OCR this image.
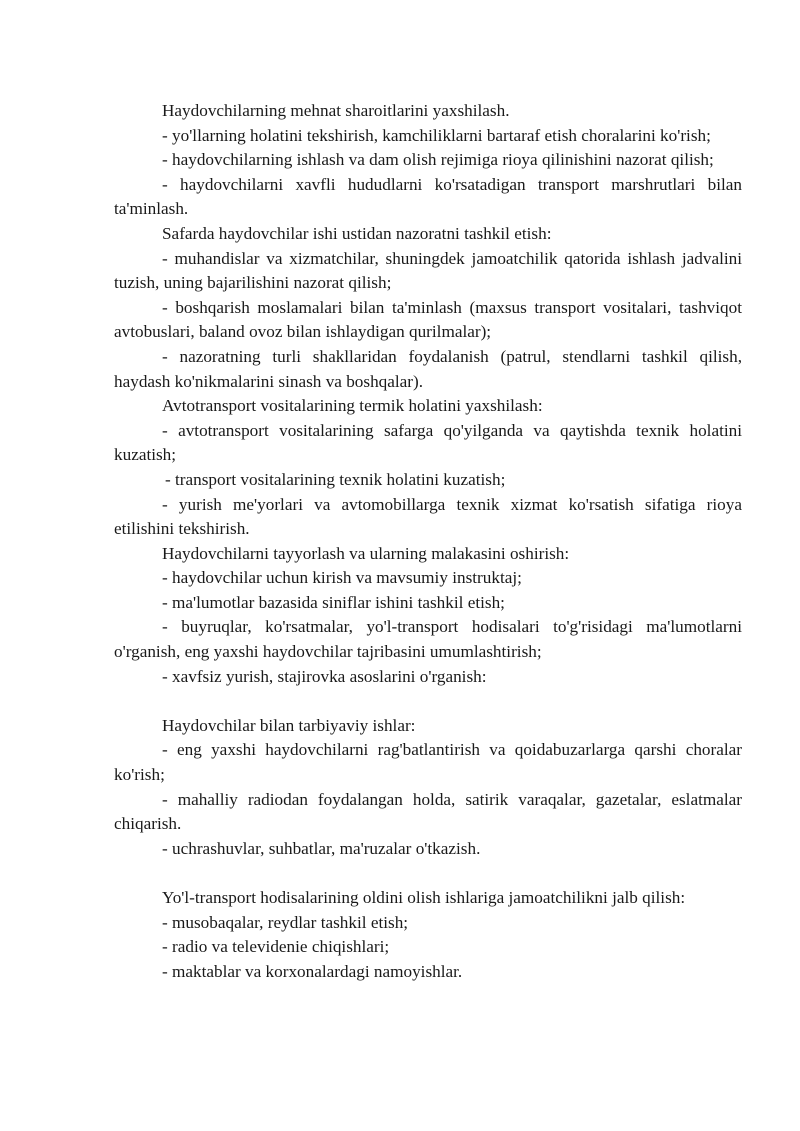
Haydovchilarning mehnat sharoitlarini yaxshilash.

- yo'llarning holatini tekshirish, kamchiliklarni bartaraf etish choralarini ko'rish;

- haydovchilarning ishlash va dam olish rejimiga rioya qilinishini nazorat qilish;

- haydovchilarni xavfli hududlarni ko'rsatadigan transport marshrutlari bilan ta'minlash.

Safarda haydovchilar ishi ustidan nazoratni tashkil etish:

- muhandislar va xizmatchilar, shuningdek jamoatchilik qatorida ishlash jadvalini tuzish, uning bajarilishini nazorat qilish;

- boshqarish moslamalari bilan ta'minlash (maxsus transport vositalari, tashviqot avtobuslari, baland ovoz bilan ishlaydigan qurilmalar);

- nazoratning turli shakllaridan foydalanish (patrul, stendlarni tashkil qilish, haydash ko'nikmalarini sinash va boshqalar).

Avtotransport vositalarining termik holatini yaxshilash:

- avtotransport vositalarining safarga qo'yilganda va qaytishda texnik holatini kuzatish;

- transport vositalarining texnik holatini kuzatish;

- yurish me'yorlari va avtomobillarga texnik xizmat ko'rsatish sifatiga rioya etilishini tekshirish.

Haydovchilarni tayyorlash va ularning malakasini oshirish:

- haydovchilar uchun kirish va mavsumiy instruktaj;

- ma'lumotlar bazasida siniflar ishini tashkil etish;

- buyruqlar, ko'rsatmalar, yo'l-transport hodisalari to'g'risidagi ma'lumotlarni o'rganish, eng yaxshi haydovchilar tajribasini umumlashtirish;

- xavfsiz yurish, stajirovka asoslarini o'rganish:

Haydovchilar bilan tarbiyaviy ishlar:

- eng yaxshi haydovchilarni rag'batlantirish va qoidabuzarlarga qarshi choralar ko'rish;

- mahalliy radiodan foydalangan holda, satirik varaqalar, gazetalar, eslatmalar chiqarish.

- uchrashuvlar, suhbatlar, ma'ruzalar o'tkazish.

Yo'l-transport hodisalarining oldini olish ishlariga jamoatchilikni jalb qilish:

- musobaqalar, reydlar tashkil etish;

- radio va televidenie chiqishlari;

- maktablar va korxonalardagi namoyishlar.
